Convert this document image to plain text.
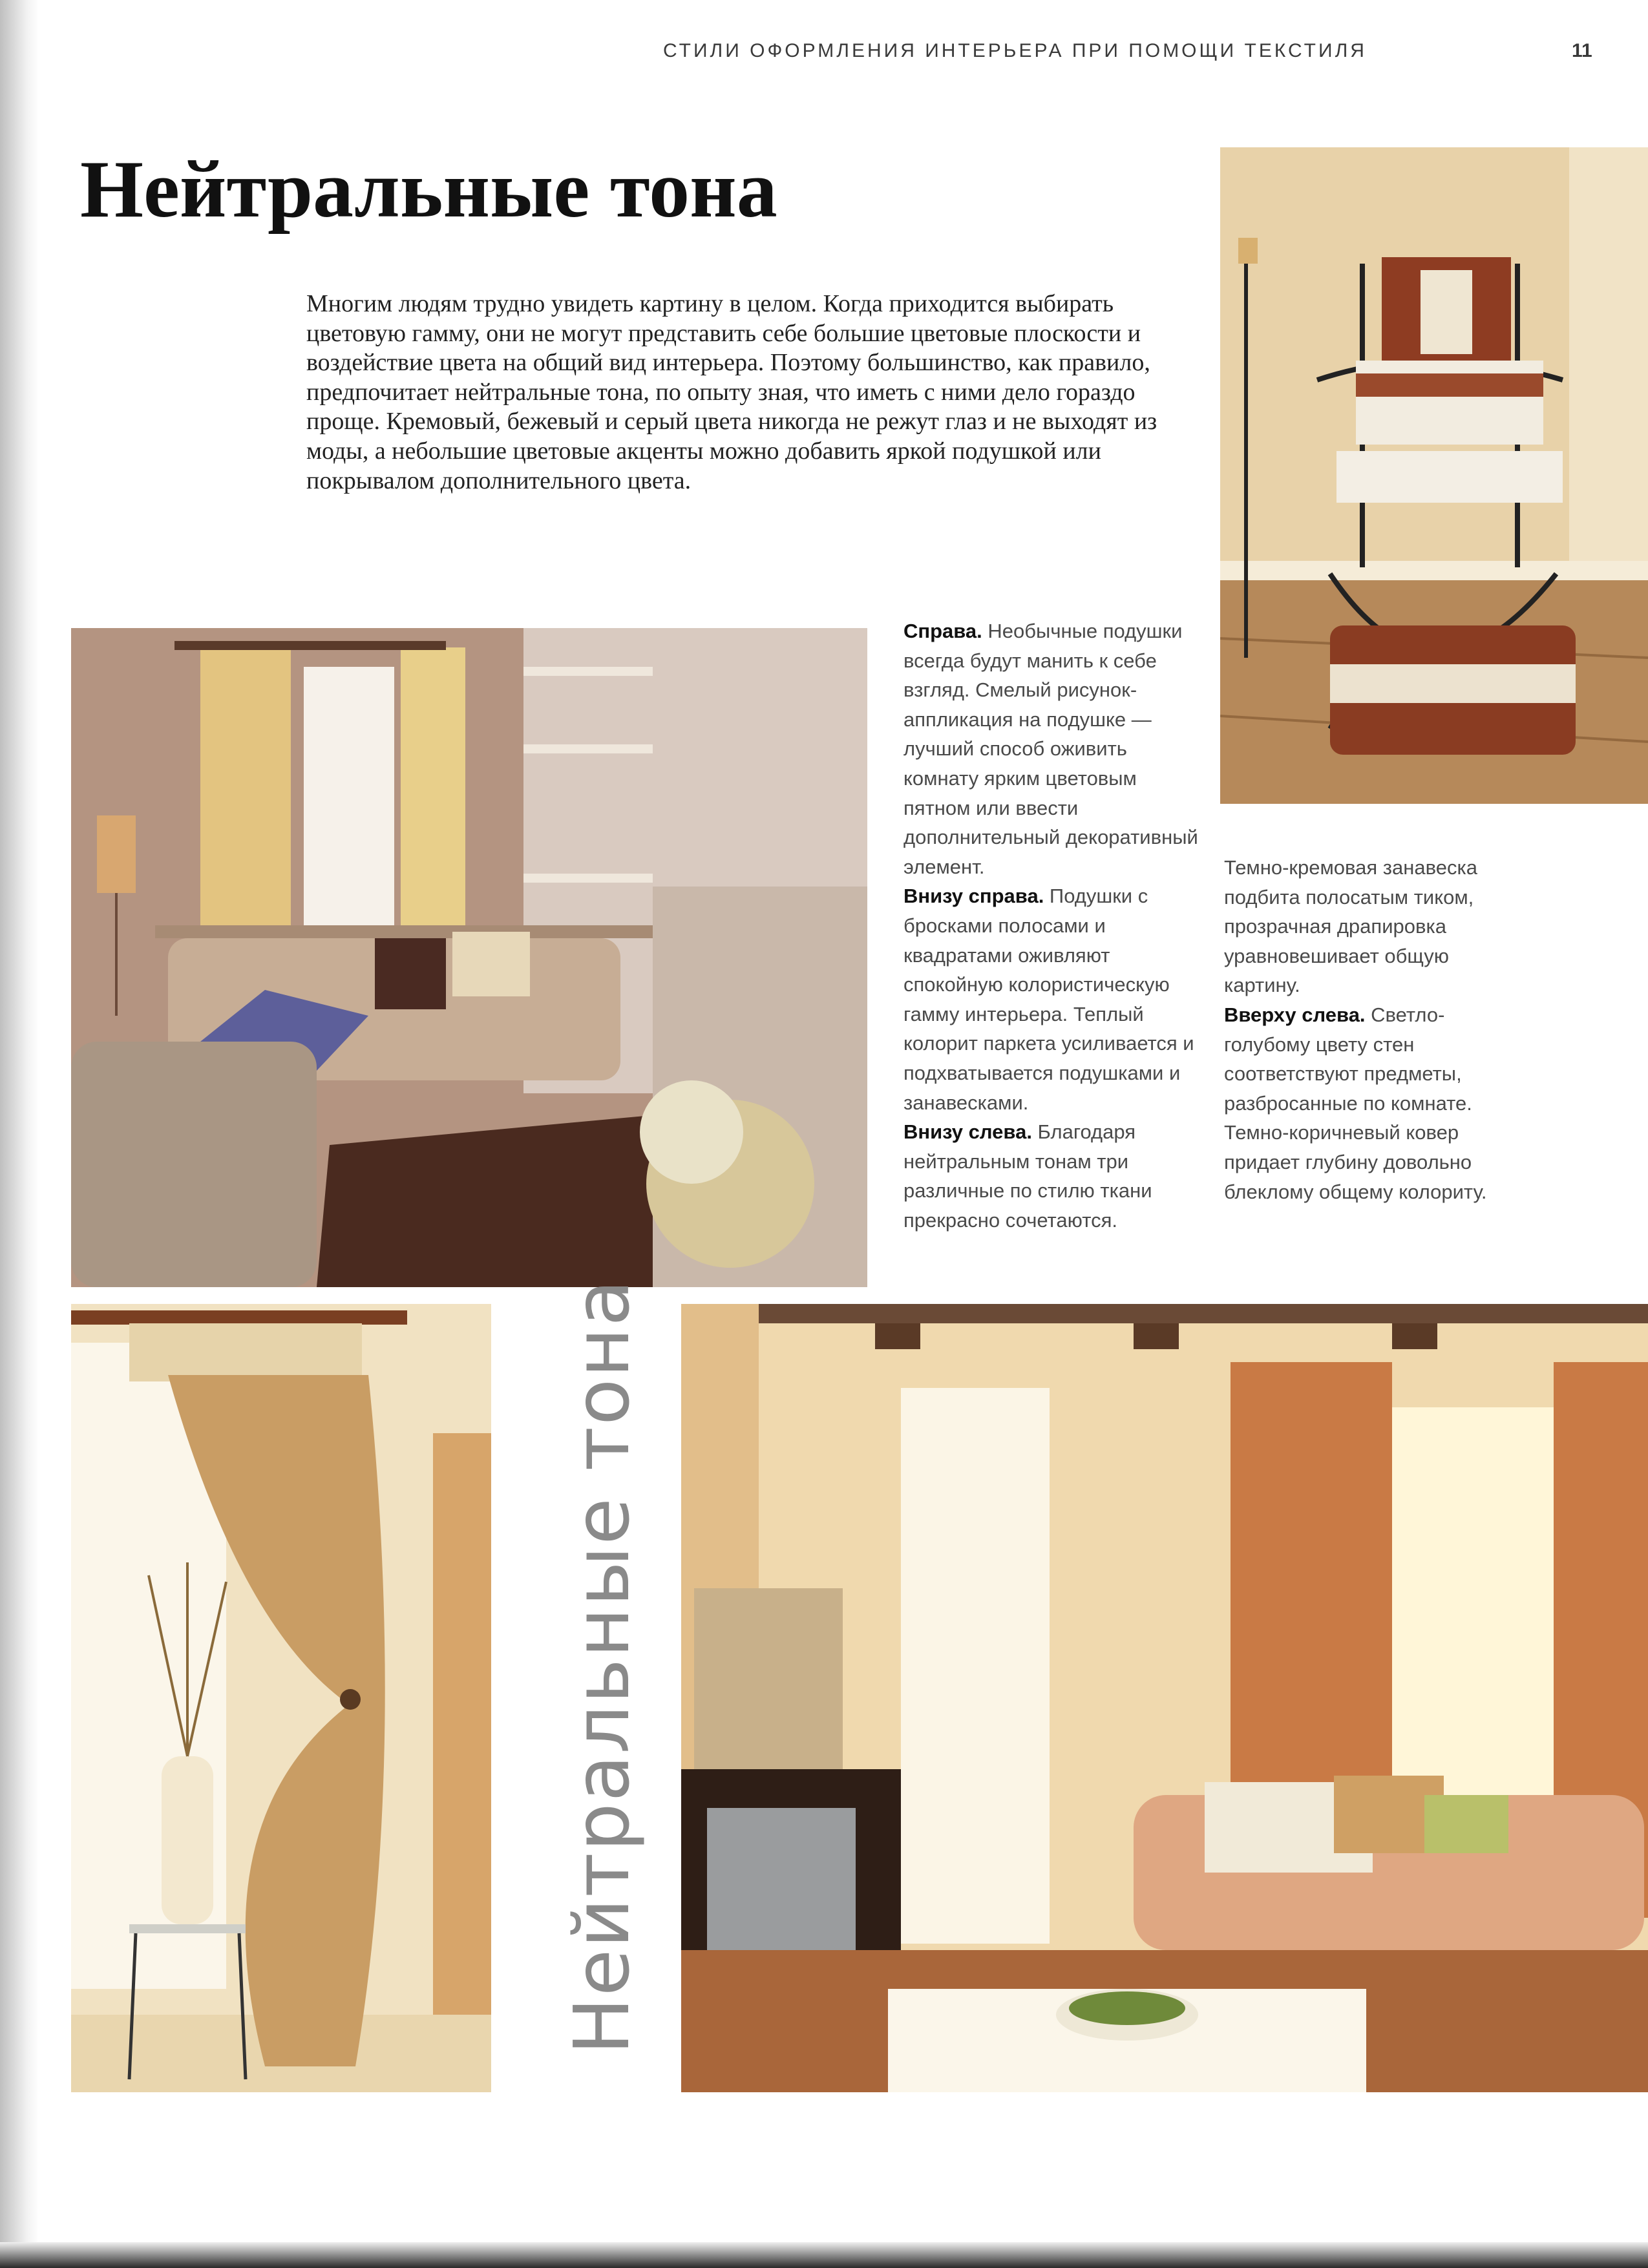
СТИЛИ ОФОРМЛЕНИЯ ИНТЕРЬЕРА ПРИ ПОМОЩИ ТЕКСТИЛЯ	11
Нейтральные тона

Многим людям трудно увидеть картину в целом. Когда приходится выбирать цветовую гамму, они не могут представить себе большие цветовые плоскости и воздействие цвета на общий вид интерьера. Поэтому большинство, как правило, предпочитает нейтральные тона, по опыту зная, что иметь с ними дело гораздо проще. Кремовый, бежевый и серый цвета никогда не режут глаз и не выходят из моды, а небольшие цветовые акценты можно добавить яркой подушкой или покрывалом дополнительного цвета.

Справа. Необычные подушки всегда будут манить к себе взгляд. Смелый рисунок-аппликация на подушке — лучший способ оживить комнату ярким цветовым пятном или ввести дополнительный декоративный элемент.

Внизу справа. Подушки с бросками полосами и квадратами оживляют спокойную колористическую гамму интерьера. Теплый колорит паркета усиливается и подхватывается подушками и занавесками.

Внизу слева. Благодаря нейтральным тонам три различные по стилю ткани прекрасно сочетаются.

Темно-кремовая занавеска подбита полосатым тиком, прозрачная драпировка уравновешивает общую картину.

Вверху слева. Светло-голубому цвету стен соответствуют предметы, разбросанные по комнате. Темно-коричневый ковер придает глубину довольно блеклому общему колориту.

Нейтральные тона
